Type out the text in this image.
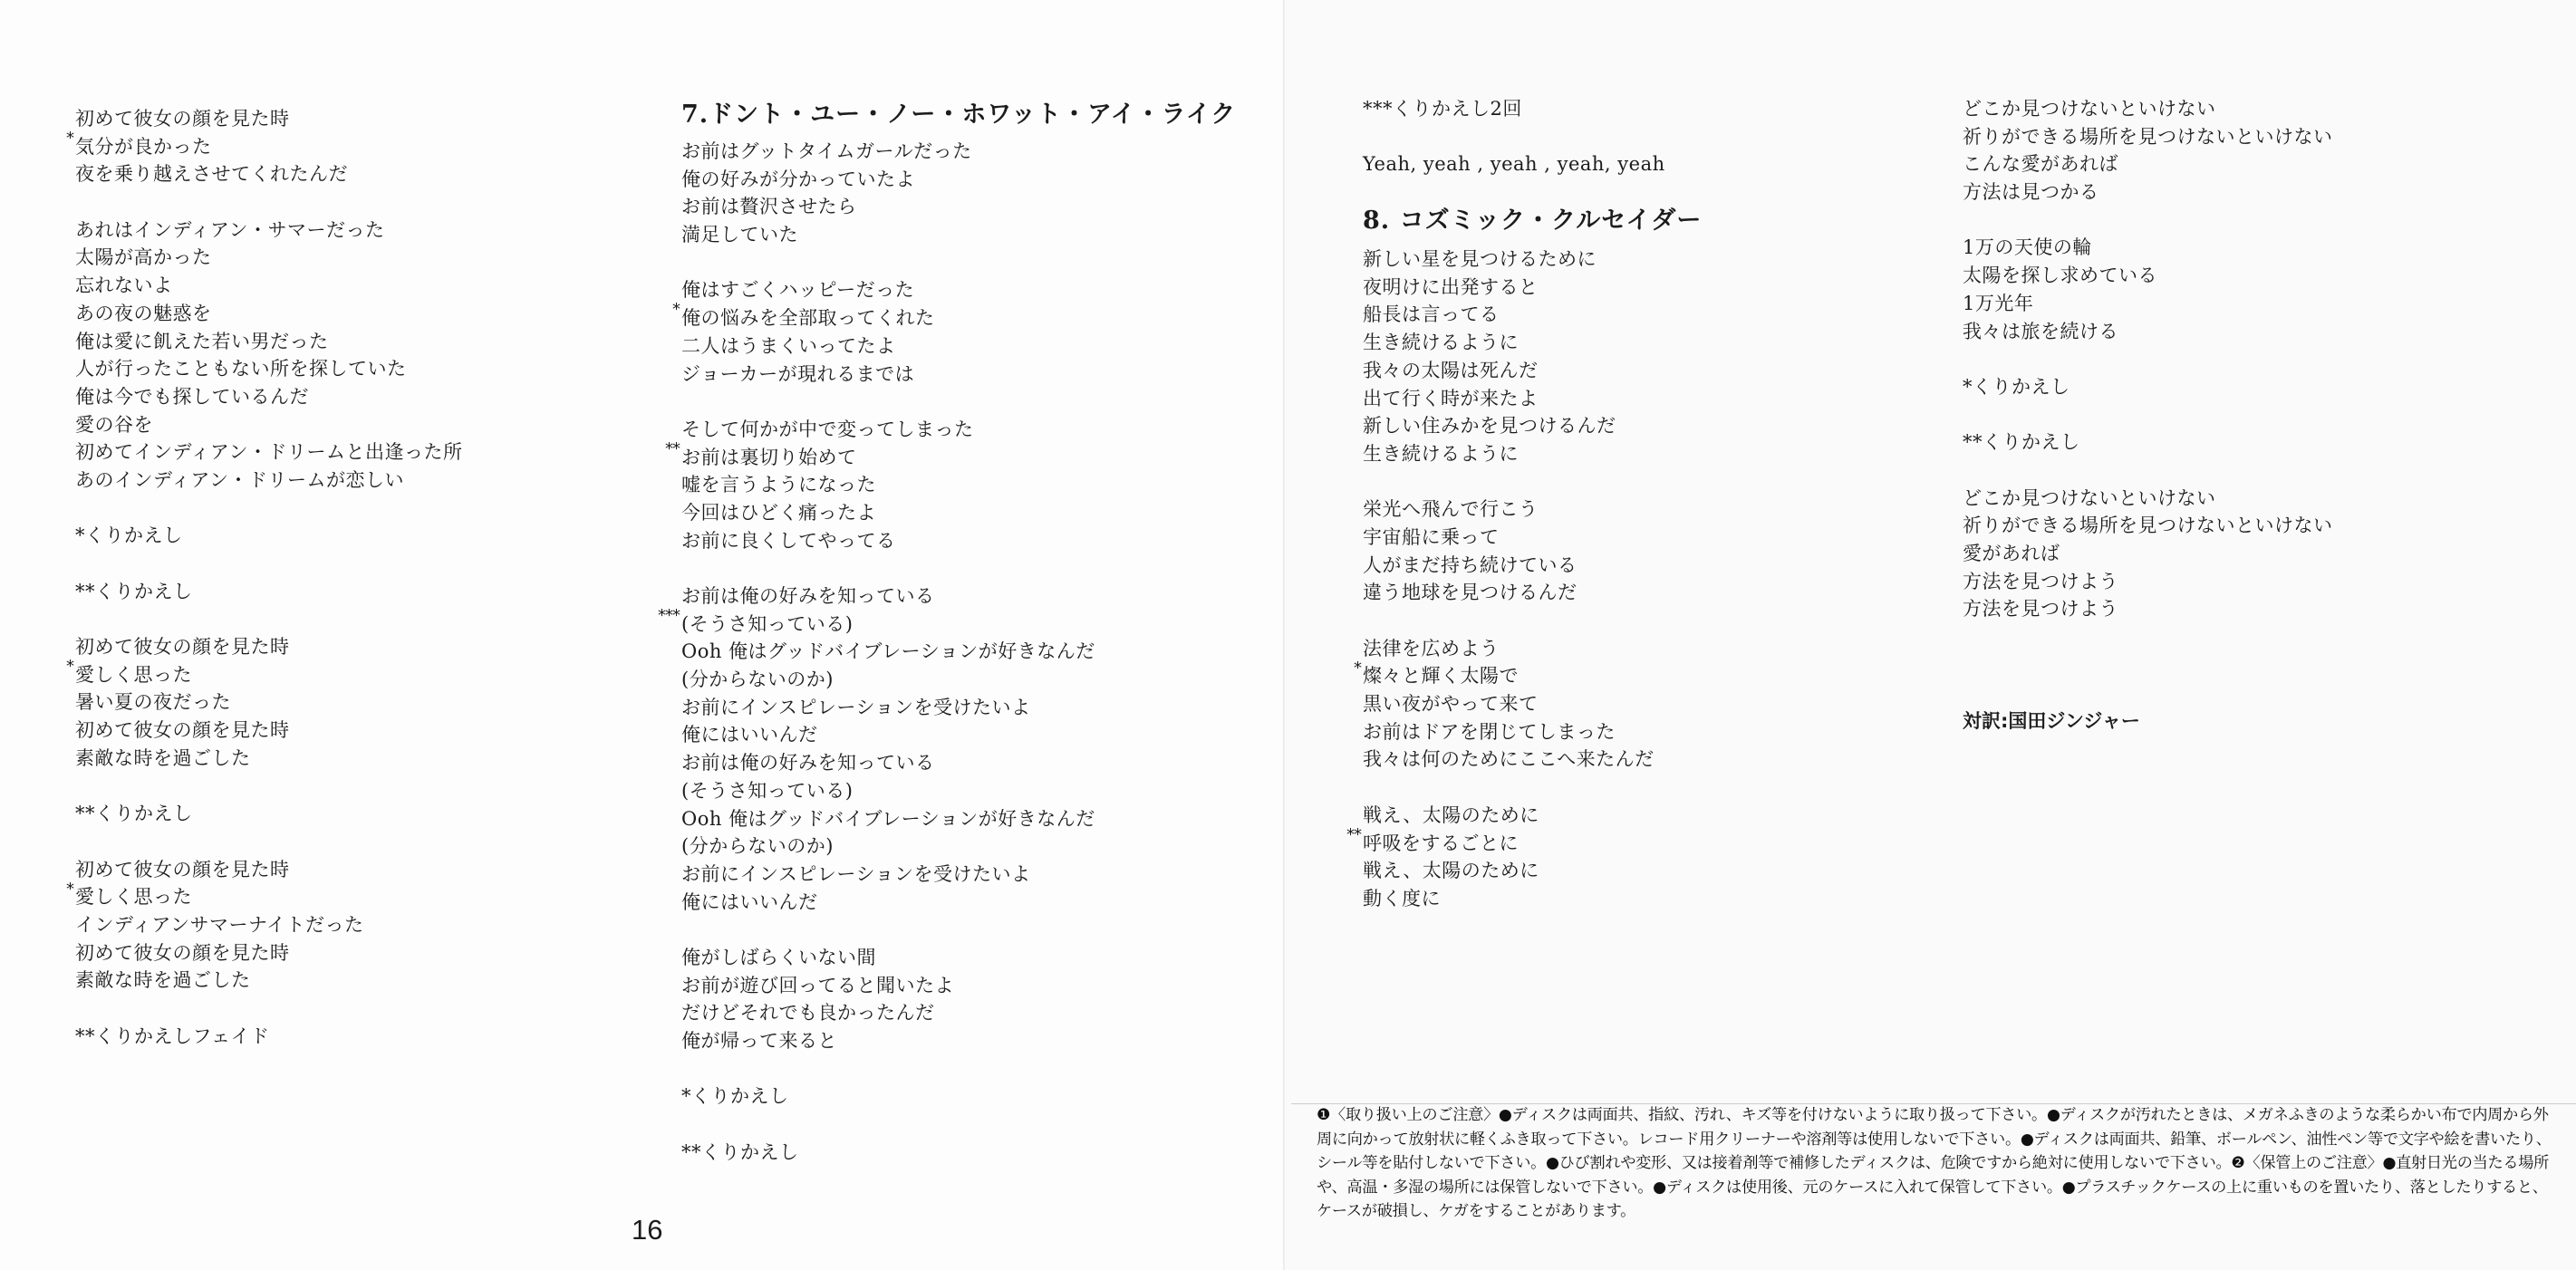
*
初めて彼女の顔を見た時
気分が良かった
夜を乗り越えさせてくれたんだ
あれはインディアン・サマーだった
太陽が高かった
忘れないよ
あの夜の魅惑を
俺は愛に飢えた若い男だった
人が行ったこともない所を探していた
俺は今でも探しているんだ
愛の谷を
初めてインディアン・ドリームと出逢った所
あのインディアン・ドリームが恋しい
*くりかえし
**くりかえし
*
初めて彼女の顔を見た時
愛しく思った
暑い夏の夜だった
初めて彼女の顔を見た時
素敵な時を過ごした
**くりかえし
*
初めて彼女の顔を見た時
愛しく思った
インディアンサマーナイトだった
初めて彼女の顔を見た時
素敵な時を過ごした
**くりかえしフェイド
7.ドント・ユー・ノー・ホワット・アイ・ライク
お前はグットタイムガールだった
俺の好みが分かっていたよ
お前は贅沢させたら
満足していた
*
俺はすごくハッピーだった
俺の悩みを全部取ってくれた
二人はうまくいってたよ
ジョーカーが現れるまでは
**
そして何かが中で変ってしまった
お前は裏切り始めて
嘘を言うようになった
今回はひどく痛ったよ
お前に良くしてやってる
***
お前は俺の好みを知っている
(そうさ知っている)
Ooh 俺はグッドバイブレーションが好きなんだ
(分からないのか)
お前にインスピレーションを受けたいよ
俺にはいいんだ
お前は俺の好みを知っている
(そうさ知っている)
Ooh 俺はグッドバイブレーションが好きなんだ
(分からないのか)
お前にインスピレーションを受けたいよ
俺にはいいんだ
俺がしばらくいない間
お前が遊び回ってると聞いたよ
だけどそれでも良かったんだ
俺が帰って来ると
*くりかえし
**くりかえし
16
***くりかえし2回
Yeah, yeah , yeah , yeah, yeah
8. コズミック・クルセイダー
新しい星を見つけるために
夜明けに出発すると
船長は言ってる
生き続けるように
我々の太陽は死んだ
出て行く時が来たよ
新しい住みかを見つけるんだ
生き続けるように
栄光へ飛んで行こう
宇宙船に乗って
人がまだ持ち続けている
違う地球を見つけるんだ
*
法律を広めよう
燦々と輝く太陽で
黒い夜がやって来て
お前はドアを閉じてしまった
我々は何のためにここへ来たんだ
**
戦え、太陽のために
呼吸をするごとに
戦え、太陽のために
動く度に
どこか見つけないといけない
祈りができる場所を見つけないといけない
こんな愛があれば
方法は見つかる
1万の天使の輪
太陽を探し求めている
1万光年
我々は旅を続ける
*くりかえし
**くりかえし
どこか見つけないといけない
祈りができる場所を見つけないといけない
愛があれば
方法を見つけよう
方法を見つけよう
対訳:国田ジンジャー
❶〈取り扱い上のご注意〉●ディスクは両面共、指紋、汚れ、キズ等を付けないように取り扱って下さい。●ディスクが汚れたときは、メガネふきのような柔らかい布で内周から外周に向かって放射状に軽くふき取って下さい。レコード用クリーナーや溶剤等は使用しないで下さい。●ディスクは両面共、鉛筆、ボールペン、油性ペン等で文字や絵を書いたり、シール等を貼付しないで下さい。●ひび割れや変形、又は接着剤等で補修したディスクは、危険ですから絶対に使用しないで下さい。❷〈保管上のご注意〉●直射日光の当たる場所や、高温・多湿の場所には保管しないで下さい。●ディスクは使用後、元のケースに入れて保管して下さい。●プラスチックケースの上に重いものを置いたり、落としたりすると、ケースが破損し、ケガをすることがあります。
